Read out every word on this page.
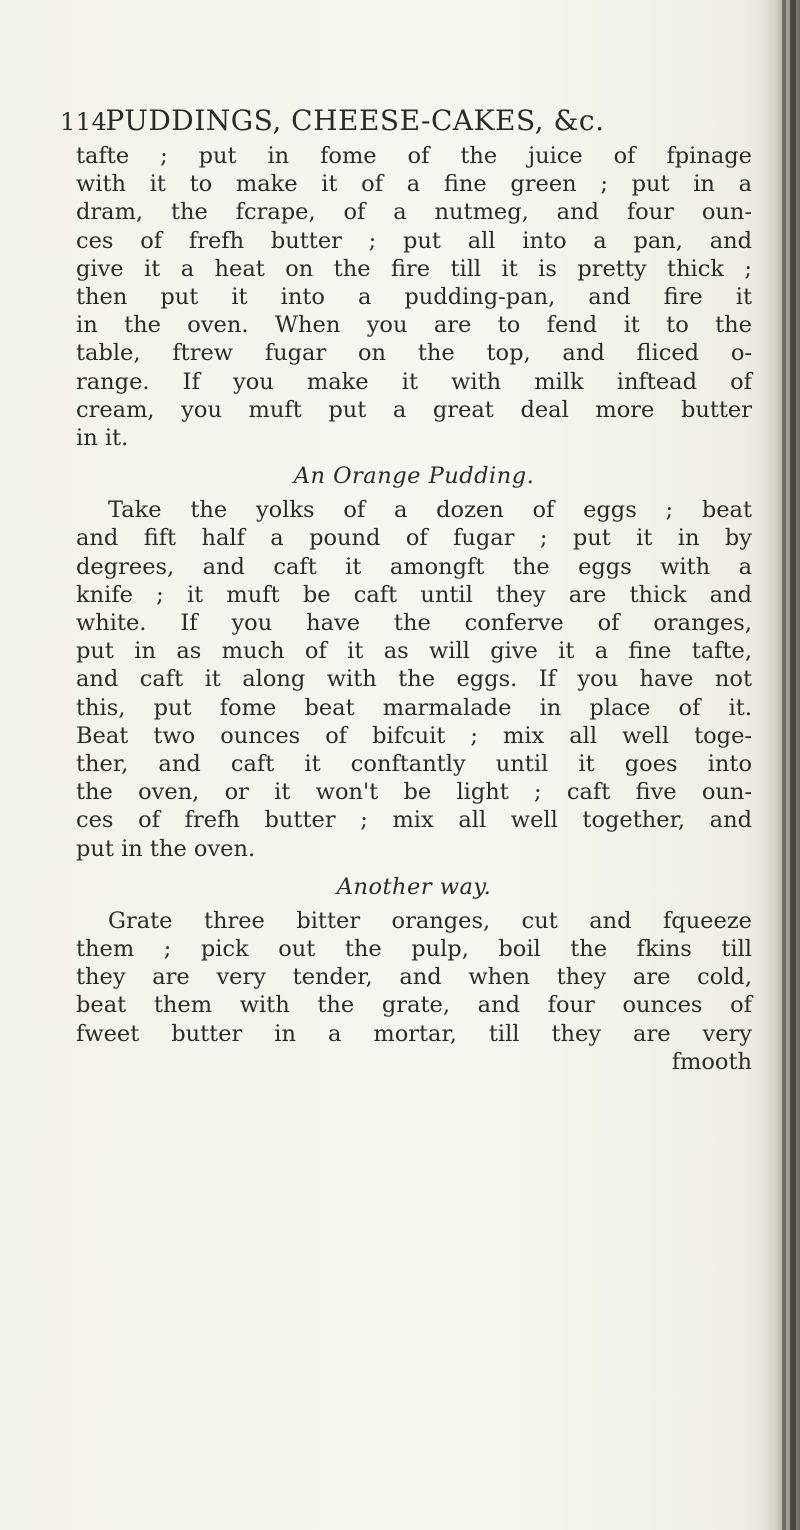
114 PUDDINGS, CHEESE-CAKES, &c.
tafte ; put in fome of the juice of fpinage
with it to make it of a fine green ; put in a
dram, the fcrape, of a nutmeg, and four oun-
ces of frefh butter ; put all into a pan, and
give it a heat on the fire till it is pretty thick ;
then put it into a pudding-pan, and fire it
in the oven. When you are to fend it to the
table, ftrew fugar on the top, and fliced o-
range. If you make it with milk inftead of
cream, you muft put a great deal more butter
in it.
An Orange Pudding.
Take the yolks of a dozen of eggs ; beat
and fift half a pound of fugar ; put it in by
degrees, and caft it amongft the eggs with a
knife ; it muft be caft until they are thick and
white. If you have the conferve of oranges,
put in as much of it as will give it a fine tafte,
and caft it along with the eggs. If you have not
this, put fome beat marmalade in place of it.
Beat two ounces of bifcuit ; mix all well toge-
ther, and caft it conftantly until it goes into
the oven, or it won't be light ; caft five oun-
ces of frefh butter ; mix all well together, and
put in the oven.
Another way.
Grate three bitter oranges, cut and fqueeze
them ; pick out the pulp, boil the fkins till
they are very tender, and when they are cold,
beat them with the grate, and four ounces of
fweet butter in a mortar, till they are very
fmooth
